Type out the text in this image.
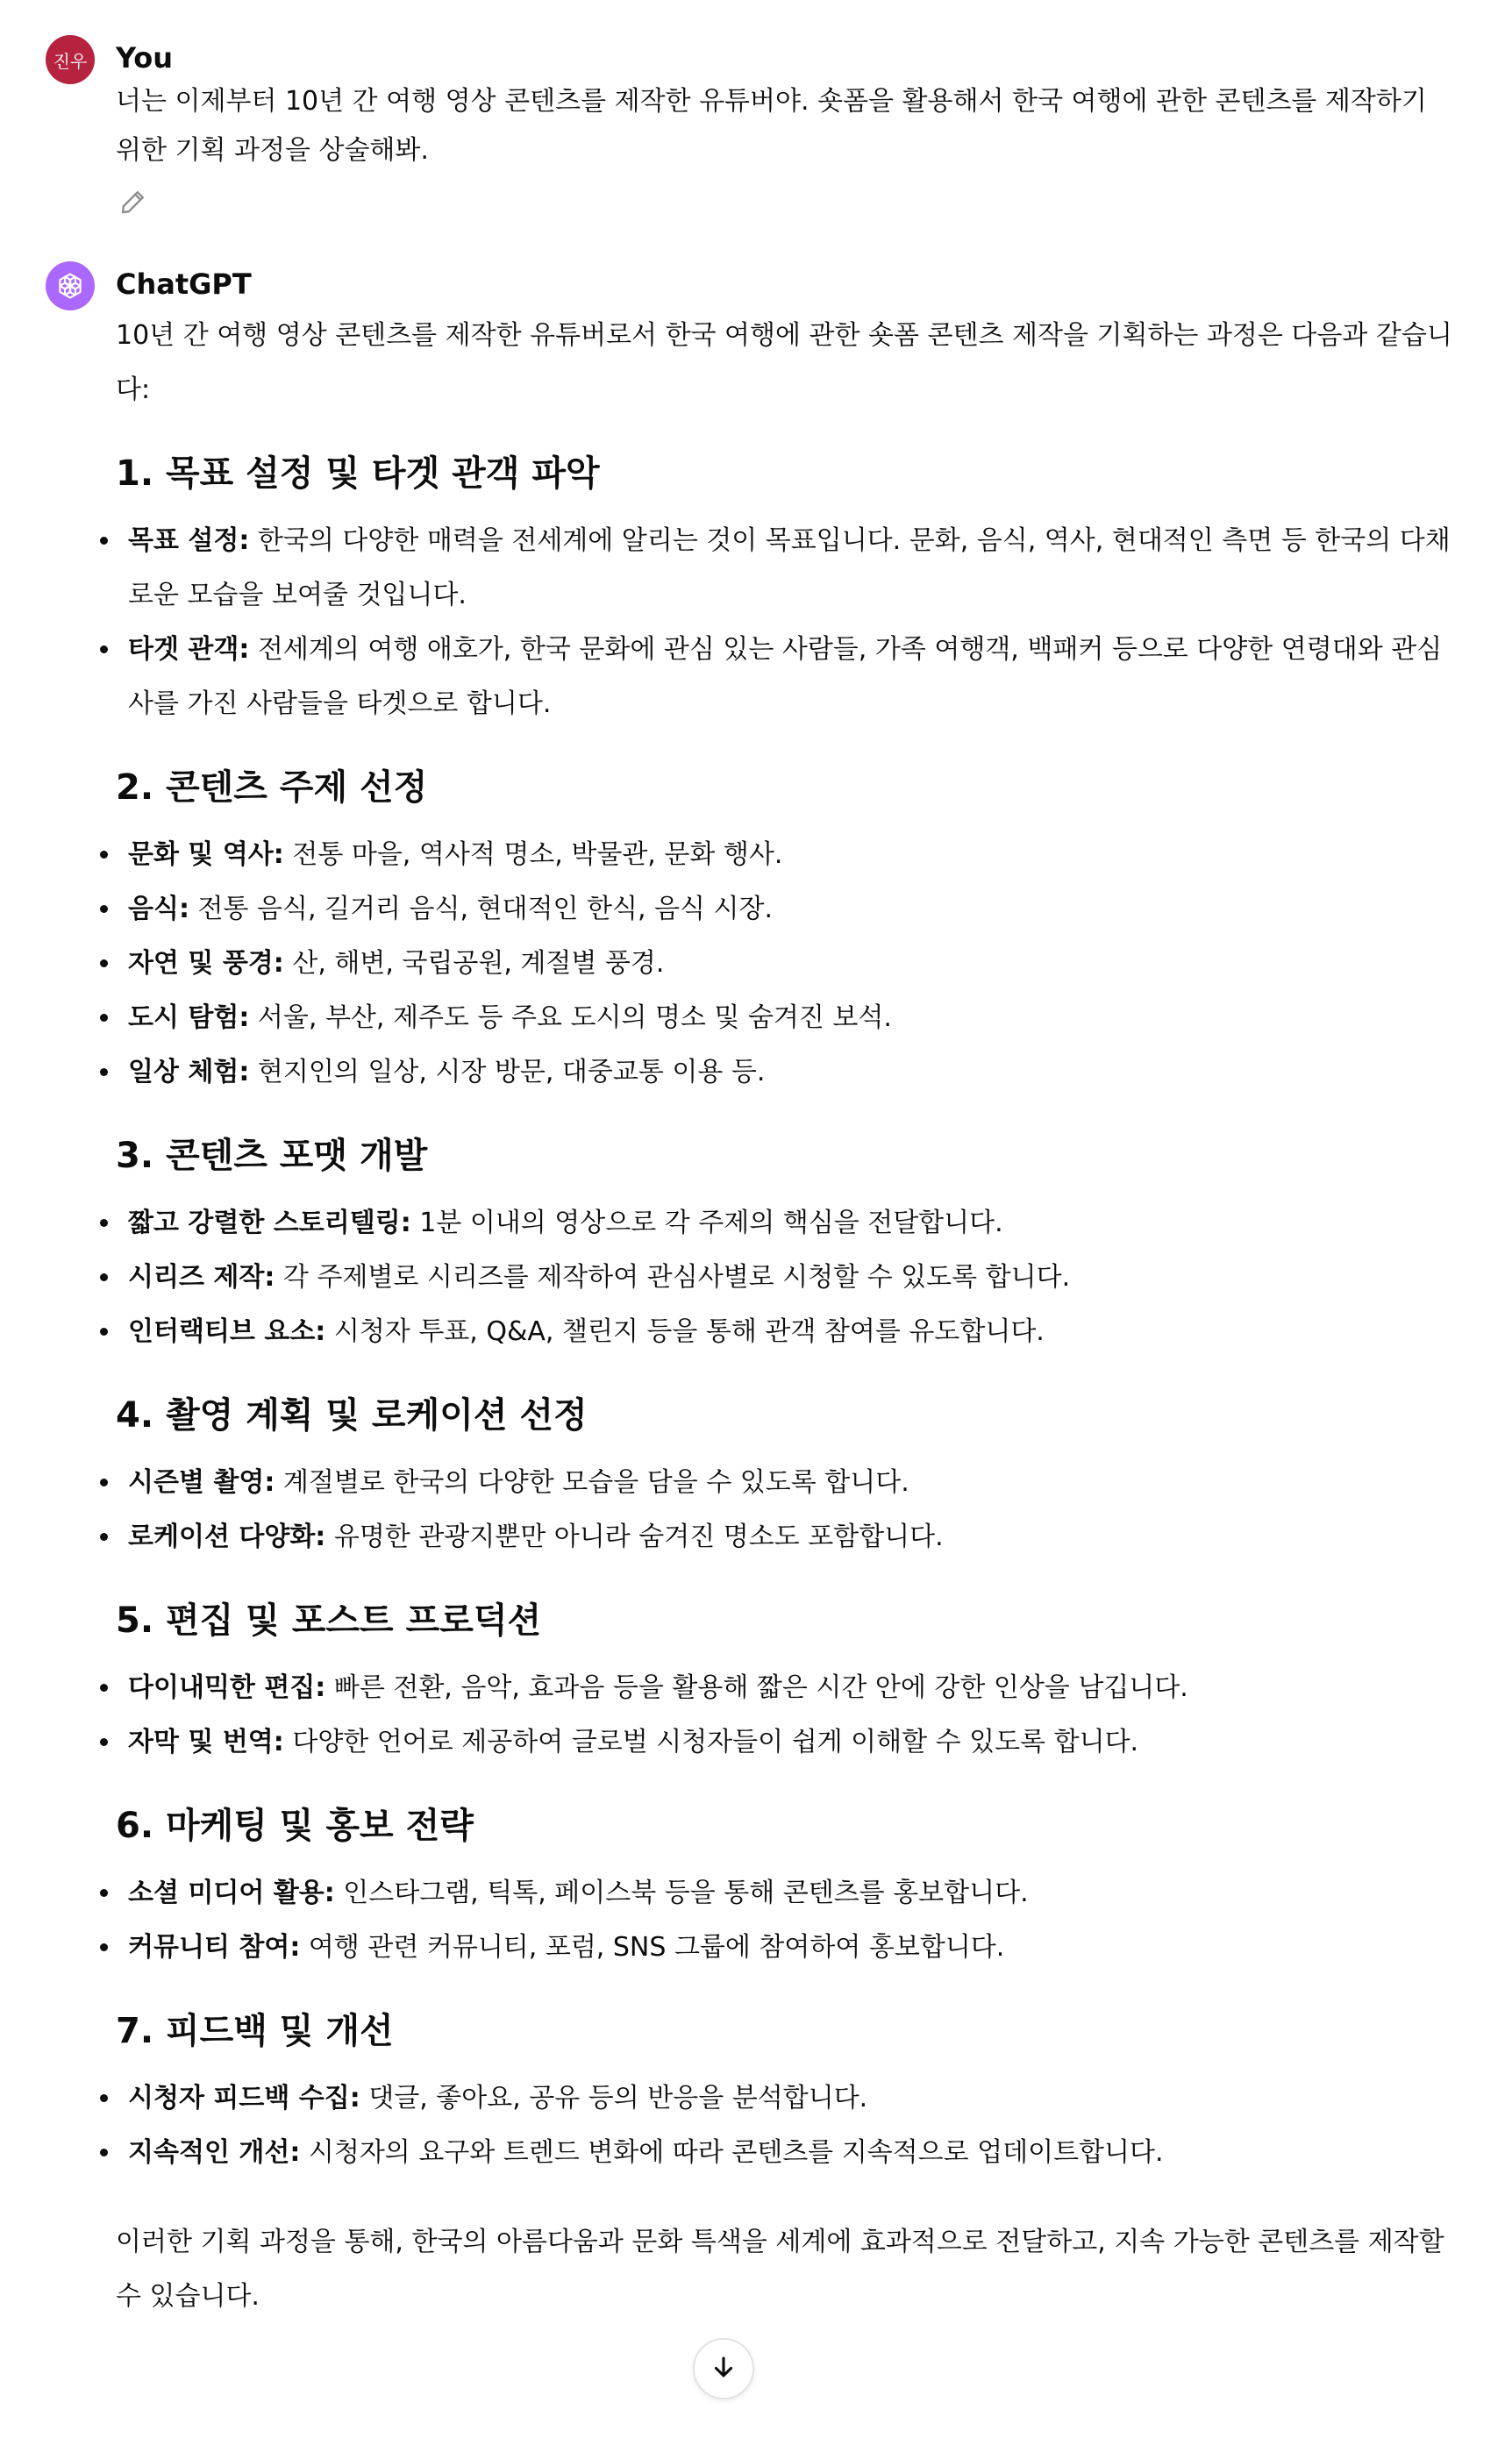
진우 You
너는 이제부터 10년 간 여행 영상 콘텐츠를 제작한 유튜버야. 숏폼을 활용해서 한국 여행에 관한 콘텐츠를 제작하기 위한 기획 과정을 상술해봐.
ChatGPT

10년 간 여행 영상 콘텐츠를 제작한 유튜버로서 한국 여행에 관한 숏폼 콘텐츠 제작을 기획하는 과정은 다음과 같습니다:

1. 목표 설정 및 타겟 관객 파악
목표 설정: 한국의 다양한 매력을 전세계에 알리는 것이 목표입니다. 문화, 음식, 역사, 현대적인 측면 등 한국의 다채로운 모습을 보여줄 것입니다.
타겟 관객: 전세계의 여행 애호가, 한국 문화에 관심 있는 사람들, 가족 여행객, 백패커 등으로 다양한 연령대와 관심사를 가진 사람들을 타겟으로 합니다.
2. 콘텐츠 주제 선정
문화 및 역사: 전통 마을, 역사적 명소, 박물관, 문화 행사.
음식: 전통 음식, 길거리 음식, 현대적인 한식, 음식 시장.
자연 및 풍경: 산, 해변, 국립공원, 계절별 풍경.
도시 탐험: 서울, 부산, 제주도 등 주요 도시의 명소 및 숨겨진 보석.
일상 체험: 현지인의 일상, 시장 방문, 대중교통 이용 등.
3. 콘텐츠 포맷 개발
짧고 강렬한 스토리텔링: 1분 이내의 영상으로 각 주제의 핵심을 전달합니다.
시리즈 제작: 각 주제별로 시리즈를 제작하여 관심사별로 시청할 수 있도록 합니다.
인터랙티브 요소: 시청자 투표, Q&A, 챌린지 등을 통해 관객 참여를 유도합니다.
4. 촬영 계획 및 로케이션 선정
시즌별 촬영: 계절별로 한국의 다양한 모습을 담을 수 있도록 합니다.
로케이션 다양화: 유명한 관광지뿐만 아니라 숨겨진 명소도 포함합니다.
5. 편집 및 포스트 프로덕션
다이내믹한 편집: 빠른 전환, 음악, 효과음 등을 활용해 짧은 시간 안에 강한 인상을 남깁니다.
자막 및 번역: 다양한 언어로 제공하여 글로벌 시청자들이 쉽게 이해할 수 있도록 합니다.
6. 마케팅 및 홍보 전략
소셜 미디어 활용: 인스타그램, 틱톡, 페이스북 등을 통해 콘텐츠를 홍보합니다.
커뮤니티 참여: 여행 관련 커뮤니티, 포럼, SNS 그룹에 참여하여 홍보합니다.
7. 피드백 및 개선
시청자 피드백 수집: 댓글, 좋아요, 공유 등의 반응을 분석합니다.
지속적인 개선: 시청자의 요구와 트렌드 변화에 따라 콘텐츠를 지속적으로 업데이트합니다.

이러한 기획 과정을 통해, 한국의 아름다움과 문화 특색을 세계에 효과적으로 전달하고, 지속 가능한 콘텐츠를 제작할 수 있습니다.
